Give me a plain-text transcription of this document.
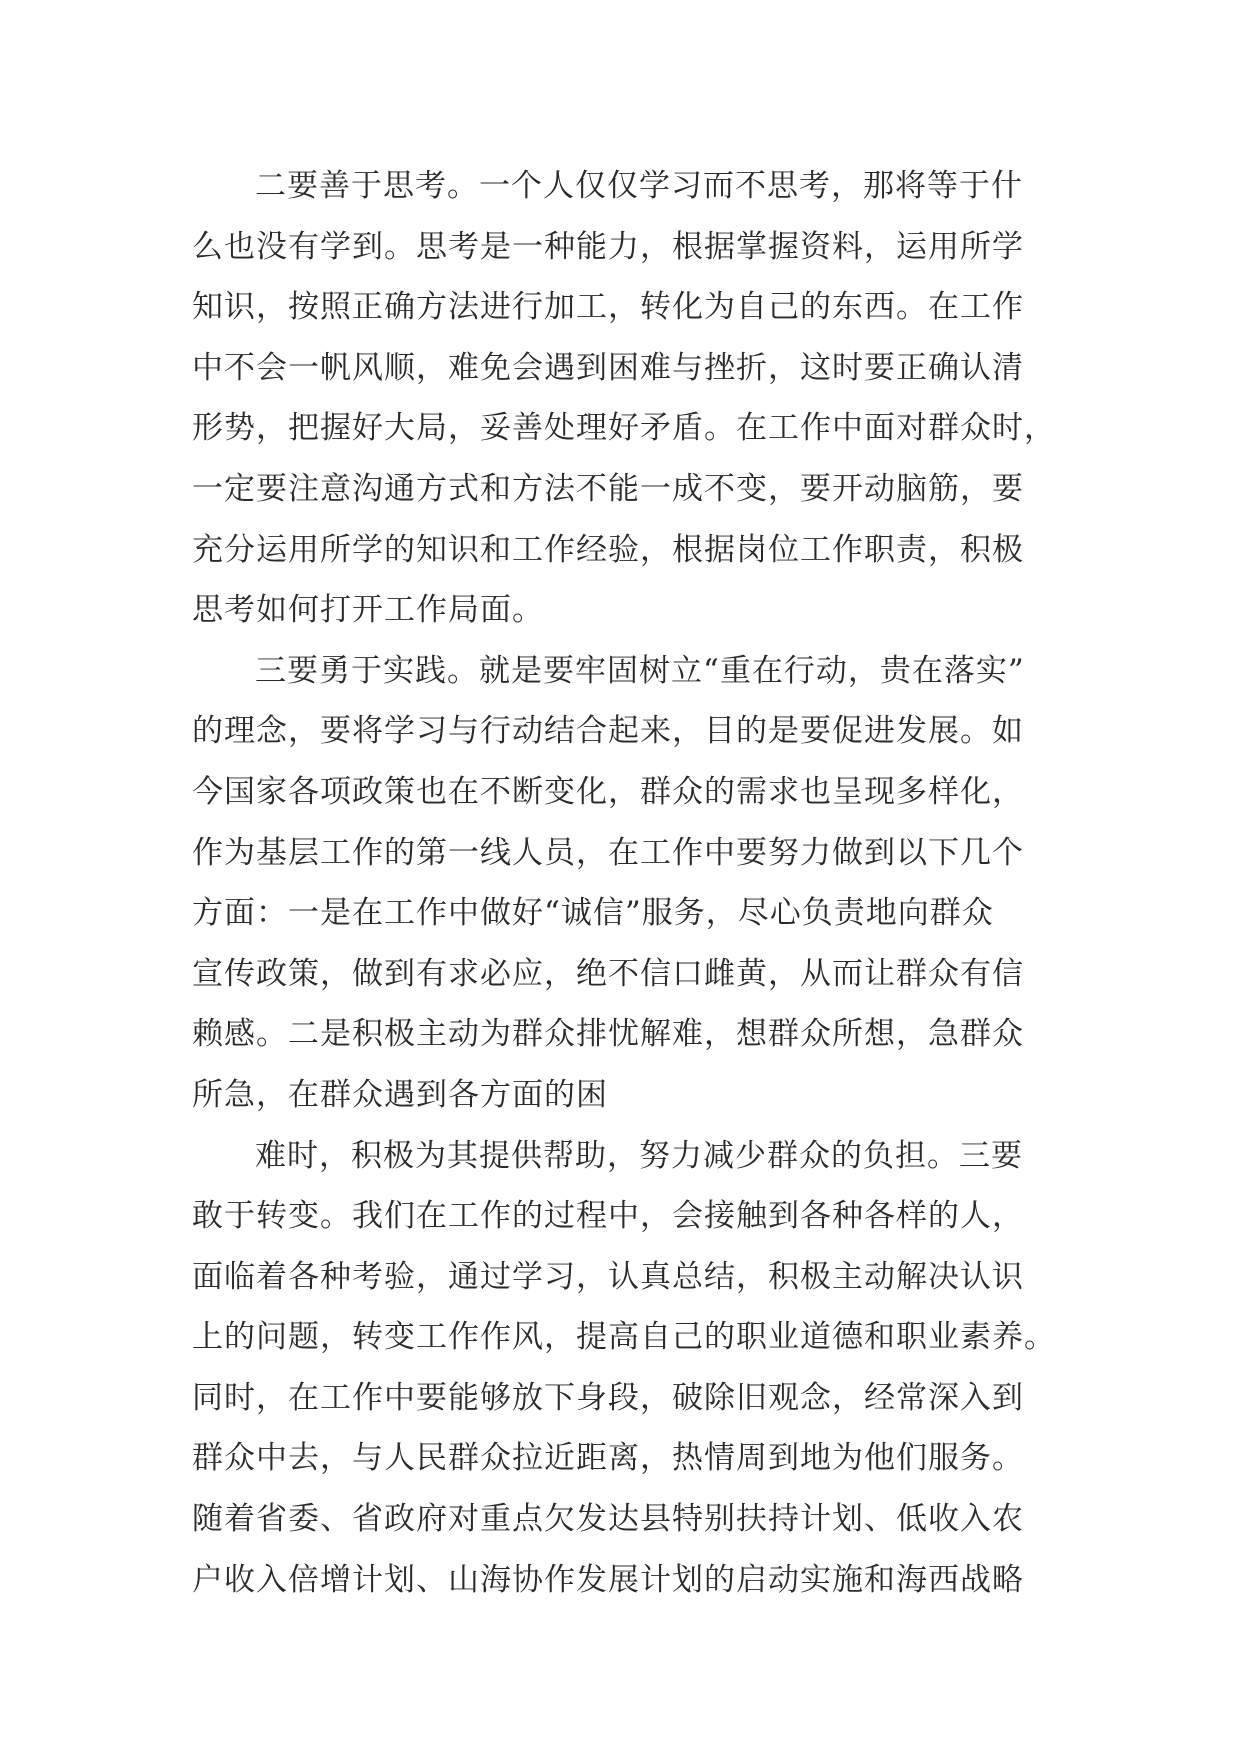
二要善于思考。一个人仅仅学习而不思考，那将等于什
么也没有学到。思考是一种能力，根据掌握资料，运用所学
知识，按照正确方法进行加工，转化为自己的东西。在工作
中不会一帆风顺，难免会遇到困难与挫折，这时要正确认清
形势，把握好大局，妥善处理好矛盾。在工作中面对群众时，
一定要注意沟通方式和方法不能一成不变，要开动脑筋，要
充分运用所学的知识和工作经验，根据岗位工作职责，积极
思考如何打开工作局面。
三要勇于实践。就是要牢固树立“重在行动，贵在落实”
的理念，要将学习与行动结合起来，目的是要促进发展。如
今国家各项政策也在不断变化，群众的需求也呈现多样化，
作为基层工作的第一线人员，在工作中要努力做到以下几个
方面：一是在工作中做好“诚信”服务，尽心负责地向群众
宣传政策，做到有求必应，绝不信口雌黄，从而让群众有信
赖感。二是积极主动为群众排忧解难，想群众所想，急群众
所急，在群众遇到各方面的困
难时，积极为其提供帮助，努力减少群众的负担。三要
敢于转变。我们在工作的过程中，会接触到各种各样的人，
面临着各种考验，通过学习，认真总结，积极主动解决认识
上的问题，转变工作作风，提高自己的职业道德和职业素养。
同时，在工作中要能够放下身段，破除旧观念，经常深入到
群众中去，与人民群众拉近距离，热情周到地为他们服务。
随着省委、省政府对重点欠发达县特别扶持计划、低收入农
户收入倍增计划、山海协作发展计划的启动实施和海西战略
